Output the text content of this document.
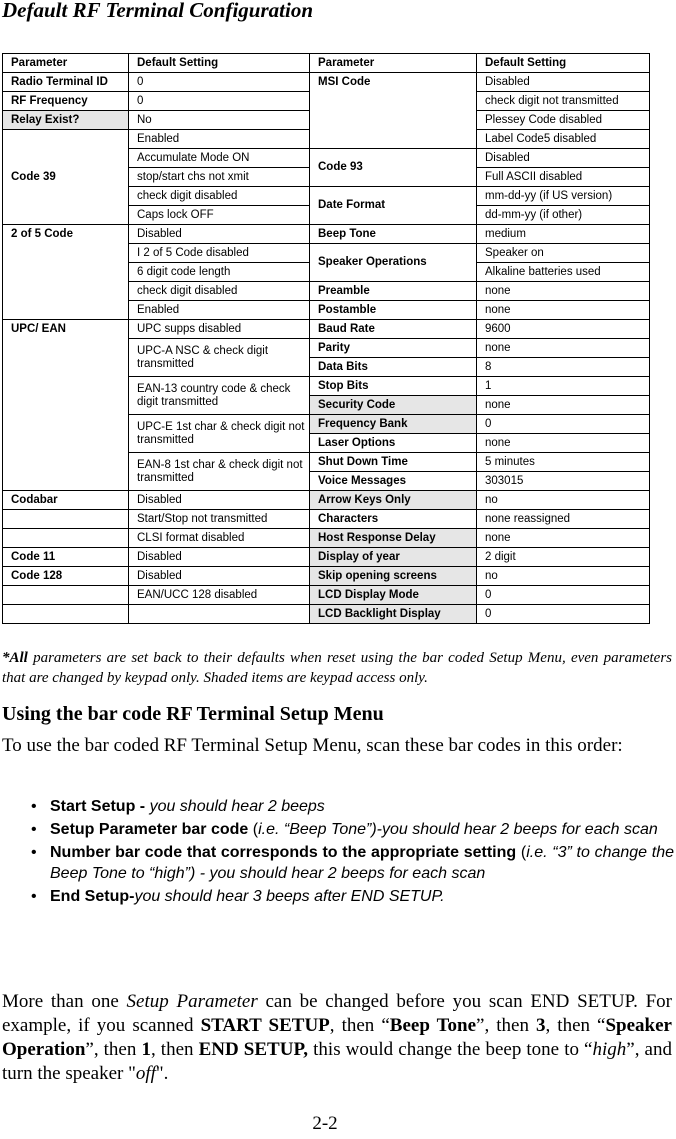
Default RF Terminal Configuration
Parameter	Default Setting	Parameter	Default Setting
Radio Terminal ID	0	MSI Code	Disabled
RF Frequency	0		check digit not transmitted
Relay Exist?	No		Plessey Code disabled
Code 39	Enabled		Label Code5 disabled
	Accumulate Mode ON	Code 93	Disabled
	stop/start chs not xmit		Full ASCII disabled
	check digit disabled	Date Format	mm-dd-yy (if US version)
	Caps lock OFF		dd-mm-yy (if other)
2 of 5 Code	Disabled	Beep Tone	medium
	I 2 of 5 Code disabled	Speaker Operations	Speaker on
	6 digit code length		Alkaline batteries used
	check digit disabled	Preamble	none
	Enabled	Postamble	none
UPC/ EAN	UPC supps disabled	Baud Rate	9600
	UPC-A NSC & check digit transmitted	Parity	none
		Data Bits	8
	EAN-13 country code & check digit transmitted	Stop Bits	1
		Security Code	none
	UPC-E 1st char & check digit not transmitted	Frequency Bank	0
		Laser Options	none
	EAN-8 1st char & check digit not transmitted	Shut Down Time	5 minutes
		Voice Messages	303015
Codabar	Disabled	Arrow Keys Only	no
	Start/Stop not transmitted	Characters	none reassigned
	CLSI format disabled	Host Response Delay	none
Code 11	Disabled	Display of year	2 digit
Code 128	Disabled	Skip opening screens	no
	EAN/UCC 128 disabled	LCD Display Mode	0
		LCD Backlight Display	0

*All parameters are set back to their defaults when reset using the bar coded Setup Menu, even parameters that are changed by keypad only. Shaded items are keypad access only.

Using the bar code RF Terminal Setup Menu

To use the bar coded RF Terminal Setup Menu, scan these bar codes in this order:

• Start Setup - you should hear 2 beeps
• Setup Parameter bar code (i.e. “Beep Tone”)-you should hear 2 beeps for each scan
• Number bar code that corresponds to the appropriate setting (i.e. “3” to change the Beep Tone to “high”) - you should hear 2 beeps for each scan
• End Setup-you should hear 3 beeps after END SETUP.

More than one Setup Parameter can be changed before you scan END SETUP. For example, if you scanned START SETUP, then “Beep Tone”, then 3, then “Speaker Operation”, then 1, then END SETUP, this would change the beep tone to “high”, and turn the speaker "off".

2-2
